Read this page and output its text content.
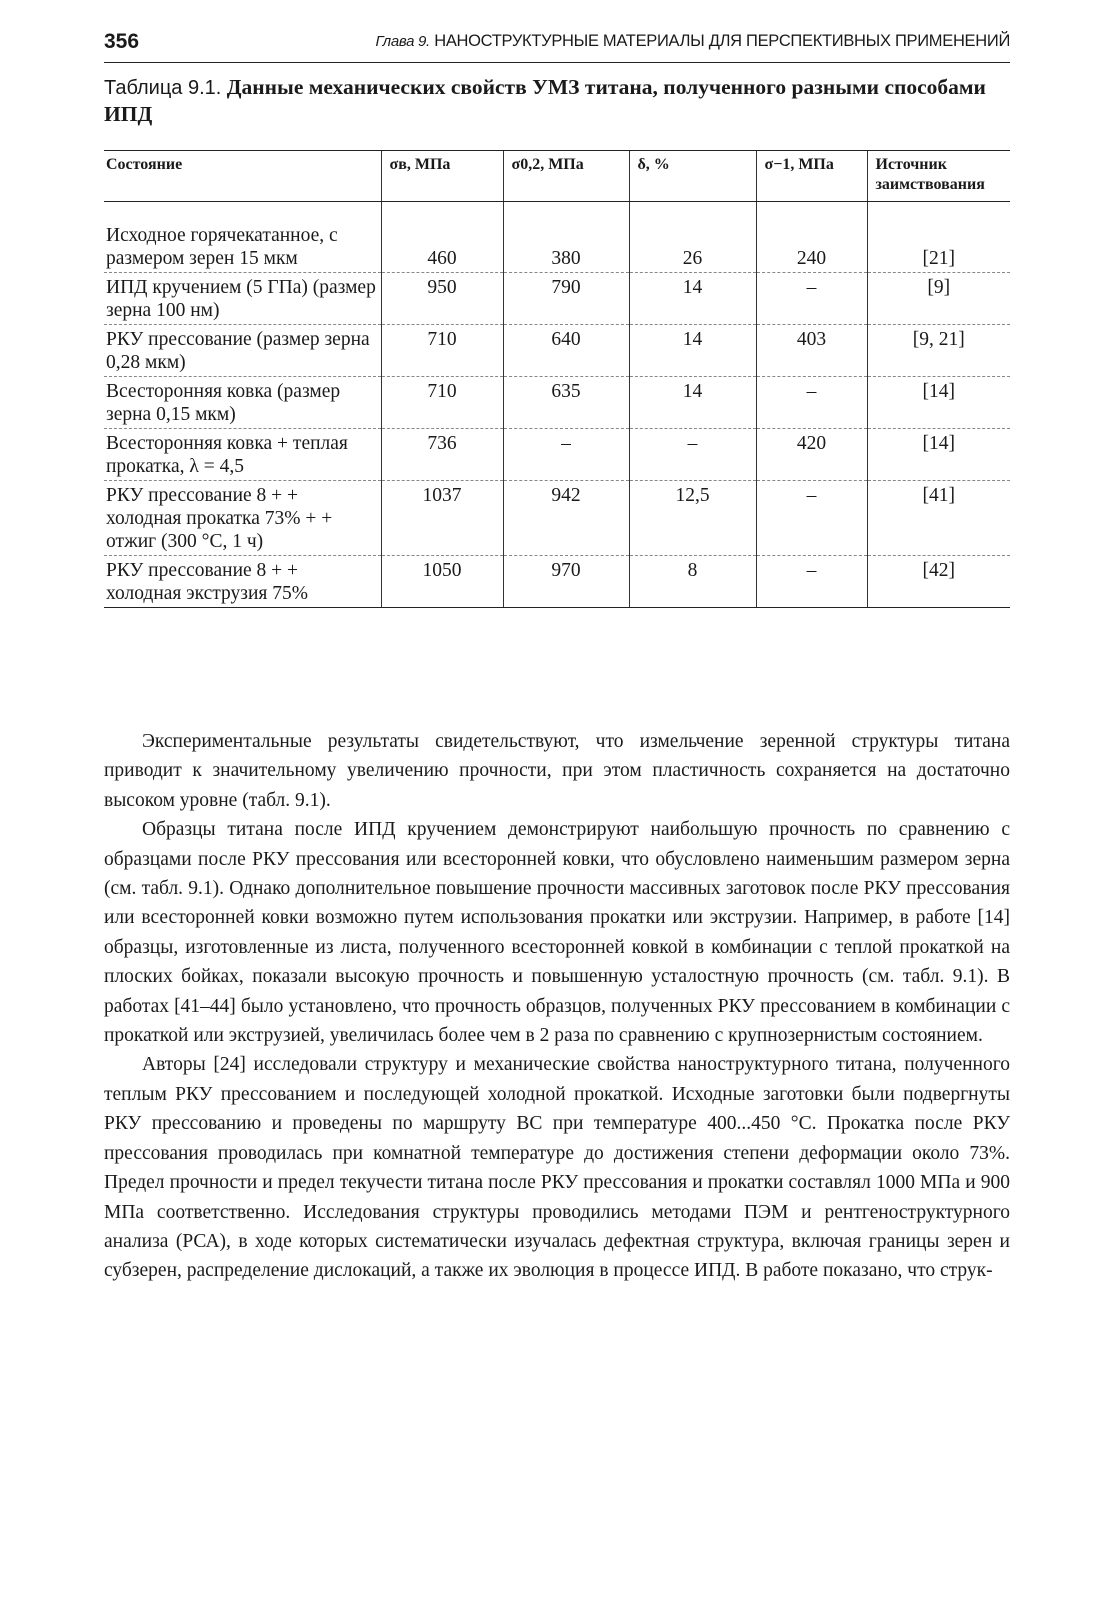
356	Глава 9. НАНОСТРУКТУРНЫЕ МАТЕРИАЛЫ ДЛЯ ПЕРСПЕКТИВНЫХ ПРИМЕНЕНИЙ
Таблица 9.1. Данные механических свойств УМЗ титана, полученного разными способами ИПД
Состояние	σв, МПа	σ0,2, МПа	δ, %	σ−1, МПа	Источник заимствования
Исходное горячекатанное, с размером зерен 15 мкм	460	380	26	240	[21]
ИПД кручением (5 ГПа) (размер зерна 100 нм)	950	790	14	–	[9]
РКУ прессование (размер зерна 0,28 мкм)	710	640	14	403	[9, 21]
Всесторонняя ковка (размер зерна 0,15 мкм)	710	635	14	–	[14]
Всесторонняя ковка + теплая прокатка, λ = 4,5	736	–	–	420	[14]
РКУ прессование 8 + + холодная прокатка 73% + + отжиг (300 °С, 1 ч)	1037	942	12,5	–	[41]
РКУ прессование 8 + + холодная экструзия 75%	1050	970	8	–	[42]

Экспериментальные результаты свидетельствуют, что измельчение зеренной структуры титана приводит к значительному увеличению прочности, при этом пластичность сохраняется на достаточно высоком уровне (табл. 9.1).

Образцы титана после ИПД кручением демонстрируют наибольшую прочность по сравнению с образцами после РКУ прессования или всесторонней ковки, что обусловлено наименьшим размером зерна (см. табл. 9.1). Однако дополнительное повышение прочности массивных заготовок после РКУ прессования или всесторонней ковки возможно путем использования прокатки или экструзии. Например, в работе [14] образцы, изготовленные из листа, полученного всесторонней ковкой в комбинации с теплой прокаткой на плоских бойках, показали высокую прочность и повышенную усталостную прочность (см. табл. 9.1). В работах [41–44] было установлено, что прочность образцов, полученных РКУ прессованием в комбинации с прокаткой или экструзией, увеличилась более чем в 2 раза по сравнению с крупнозернистым состоянием.

Авторы [24] исследовали структуру и механические свойства наноструктурного титана, полученного теплым РКУ прессованием и последующей холодной прокаткой. Исходные заготовки были подвергнуты РКУ прессованию и проведены по маршруту BC при температуре 400...450 °С. Прокатка после РКУ прессования проводилась при комнатной температуре до достижения степени деформации около 73%. Предел прочности и предел текучести титана после РКУ прессования и прокатки составлял 1000 МПа и 900 МПа соответственно. Исследования структуры проводились методами ПЭМ и рентгеноструктурного анализа (РСА), в ходе которых систематически изучалась дефектная структура, включая границы зерен и субзерен, распределение дислокаций, а также их эволюция в процессе ИПД. В работе показано, что струк-
